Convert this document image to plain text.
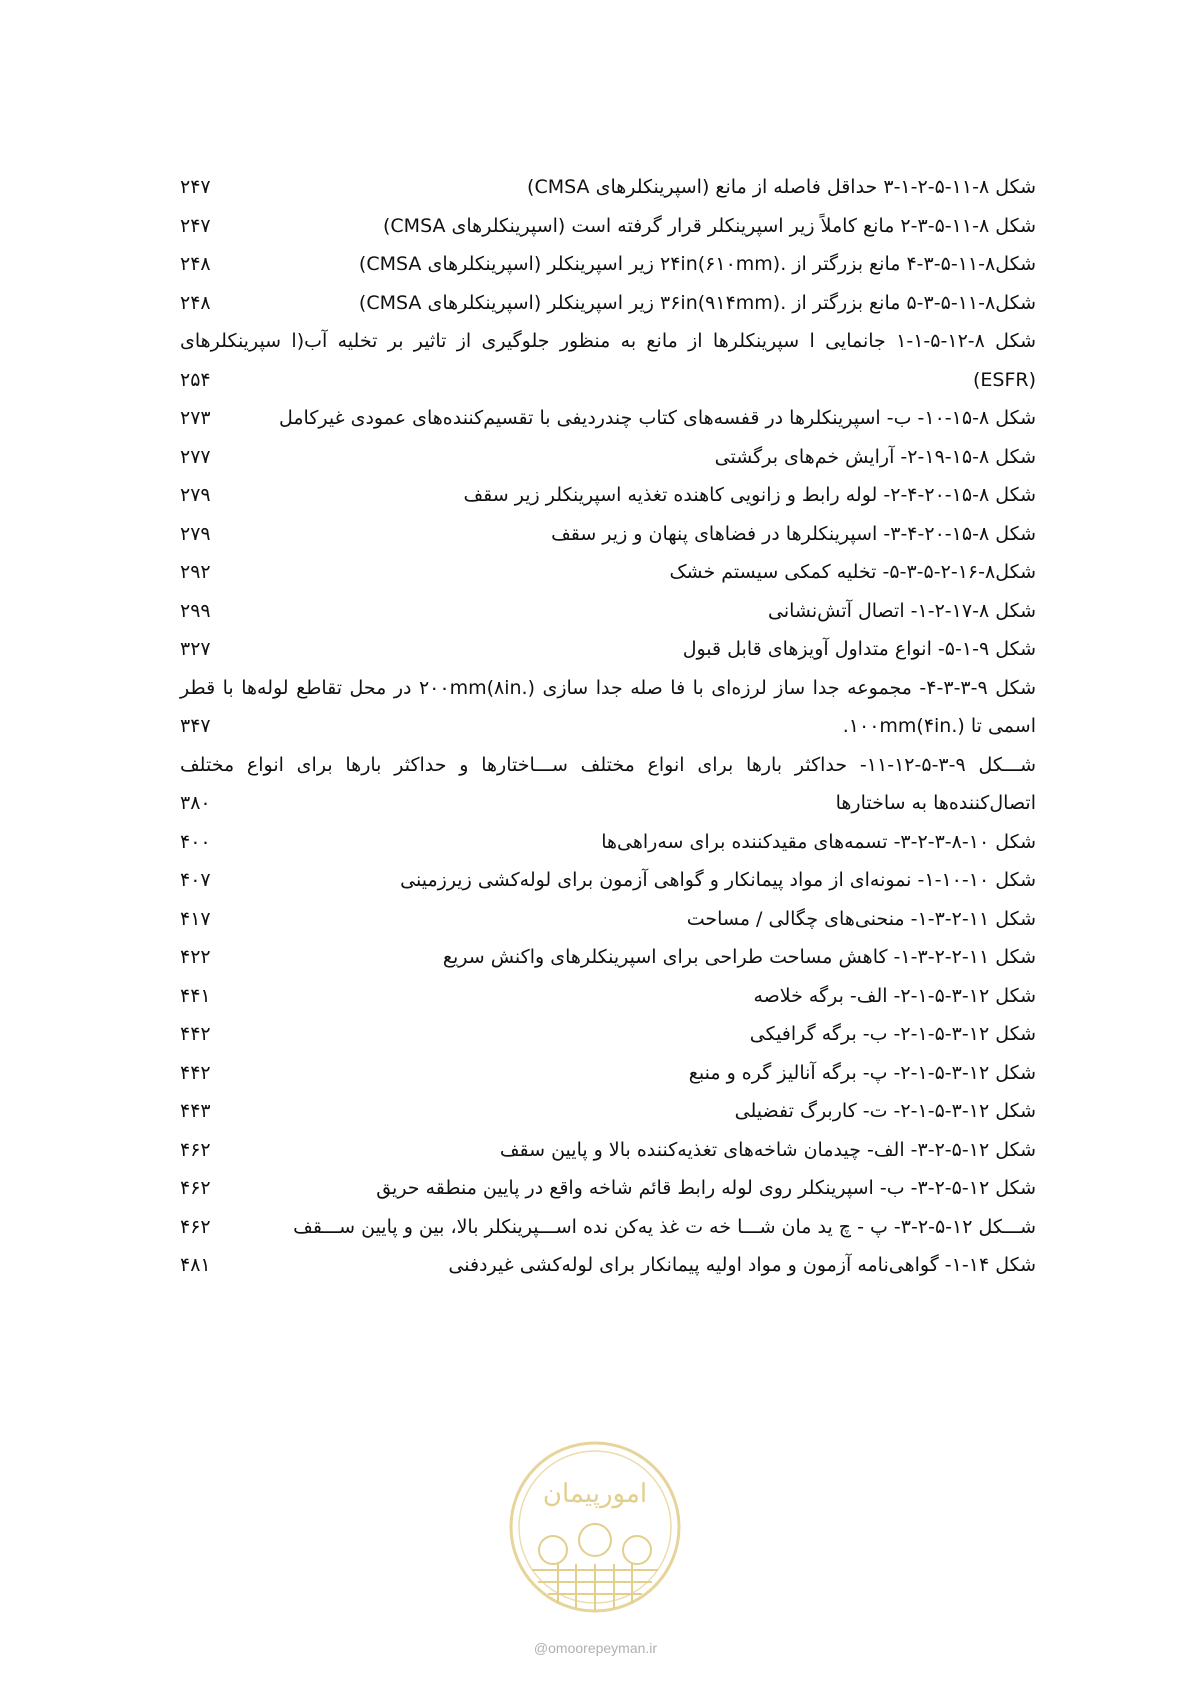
شکل ۸-۱۱-۵-۲-۱-۳ حداقل فاصله از مانع (اسپرینکلرهای CMSA)
۲۴۷
شکل ۸-۱۱-۵-۳-۲ مانع کاملاً زیر اسپرینکلر قرار گرفته است (اسپرینکلرهای CMSA)
۲۴۷
شکل۸-۱۱-۵-۳-۴ مانع بزرگتر از .۲۴in(۶۱۰mm) زیر اسپرینکلر (اسپرینکلرهای CMSA)
۲۴۸
شکل۸-۱۱-۵-۳-۵ مانع بزرگتر از .۳۶in(۹۱۴mm) زیر اسپرینکلر (اسپرینکلرهای CMSA)
۲۴۸
شکل ۸-۱۲-۵-۱-۱ جانمایی ا سپرینکلرها از مانع به منظور جلوگیری از تاثیر بر تخلیه آب(ا سپرینکلرهای (ESFR)
۲۵۴
شکل ۸-۱۵-۱۰- ب- اسپرینکلرها در قفسه‌های کتاب چندردیفی با تقسیم‌کننده‌های عمودی غیرکامل
۲۷۳
شکل ۸-۱۵-۱۹-۲- آرایش خم‌های برگشتی
۲۷۷
شکل ۸-۱۵-۲۰-۴-۲- لوله رابط و زانویی کاهنده تغذیه اسپرینکلر زیر سقف
۲۷۹
شکل ۸-۱۵-۲۰-۴-۳- اسپرینکلرها در فضاهای پنهان و زیر سقف
۲۷۹
شکل۸-۱۶-۲-۵-۳-۵- تخلیه کمکی سیستم خشک
۲۹۲
شکل ۸-۱۷-۲-۱- اتصال آتش‌نشانی
۲۹۹
شکل ۹-۱-۵- انواع متداول آویزهای قابل قبول
۳۲۷
شکل ۹-۳-۳-۴- مجموعه جدا ساز لرزه‌ای با فا صله جدا سازی ۲۰۰mm(۸in.) در محل تقاطع لوله‌ها با قطر اسمی تا ۱۰۰mm(۴in.).
۳۴۷
شـــکل ۹-۳-۵-۱۲-۱۱- حداکثر بارها برای انواع مختلف ســـاختارها و حداکثر بارها برای انواع مختلف اتصال‌کننده‌ها به ساختارها
۳۸۰
شکل ۱۰-۸-۳-۲-۳- تسمه‌های مقیدکننده برای سه‌راهی‌ها
۴۰۰
شکل ۱۰-۱۰-۱- نمونه‌ای از مواد پیمانکار و گواهی آزمون برای لوله‌کشی زیرزمینی
۴۰۷
شکل ۱۱-۲-۳-۱- منحنی‌های چگالی / مساحت
۴۱۷
شکل ۱۱-۲-۲-۳-۱- کاهش مساحت طراحی برای اسپرینکلرهای واکنش سریع
۴۲۲
شکل ۱۲-۳-۵-۱-۲- الف- برگه خلاصه
۴۴۱
شکل ۱۲-۳-۵-۱-۲- ب- برگه گرافیکی
۴۴۲
شکل ۱۲-۳-۵-۱-۲- پ- برگه آنالیز گره و منبع
۴۴۲
شکل ۱۲-۳-۵-۱-۲- ت- کاربرگ تفضیلی
۴۴۳
شکل ۱۲-۵-۲-۳- الف- چیدمان شاخه‌های تغذیه‌کننده بالا و پایین سقف
۴۶۲
شکل ۱۲-۵-۲-۳- ب- اسپرینکلر روی لوله رابط قائم شاخه واقع در پایین منطقه حریق
۴۶۲
شـــکل ۱۲-۵-۲-۳- پ - چ ید مان شـــا خه ت غذ یه‌کن نده اســـپرینکلر بالا، بین و پایین ســـقف
۴۶۲
شکل ۱۴-۱- گواهی‌نامه آزمون و مواد اولیه پیمانکار برای لوله‌کشی غیردفنی
۴۸۱
امورپیمان
@omoorepeyman.ir
